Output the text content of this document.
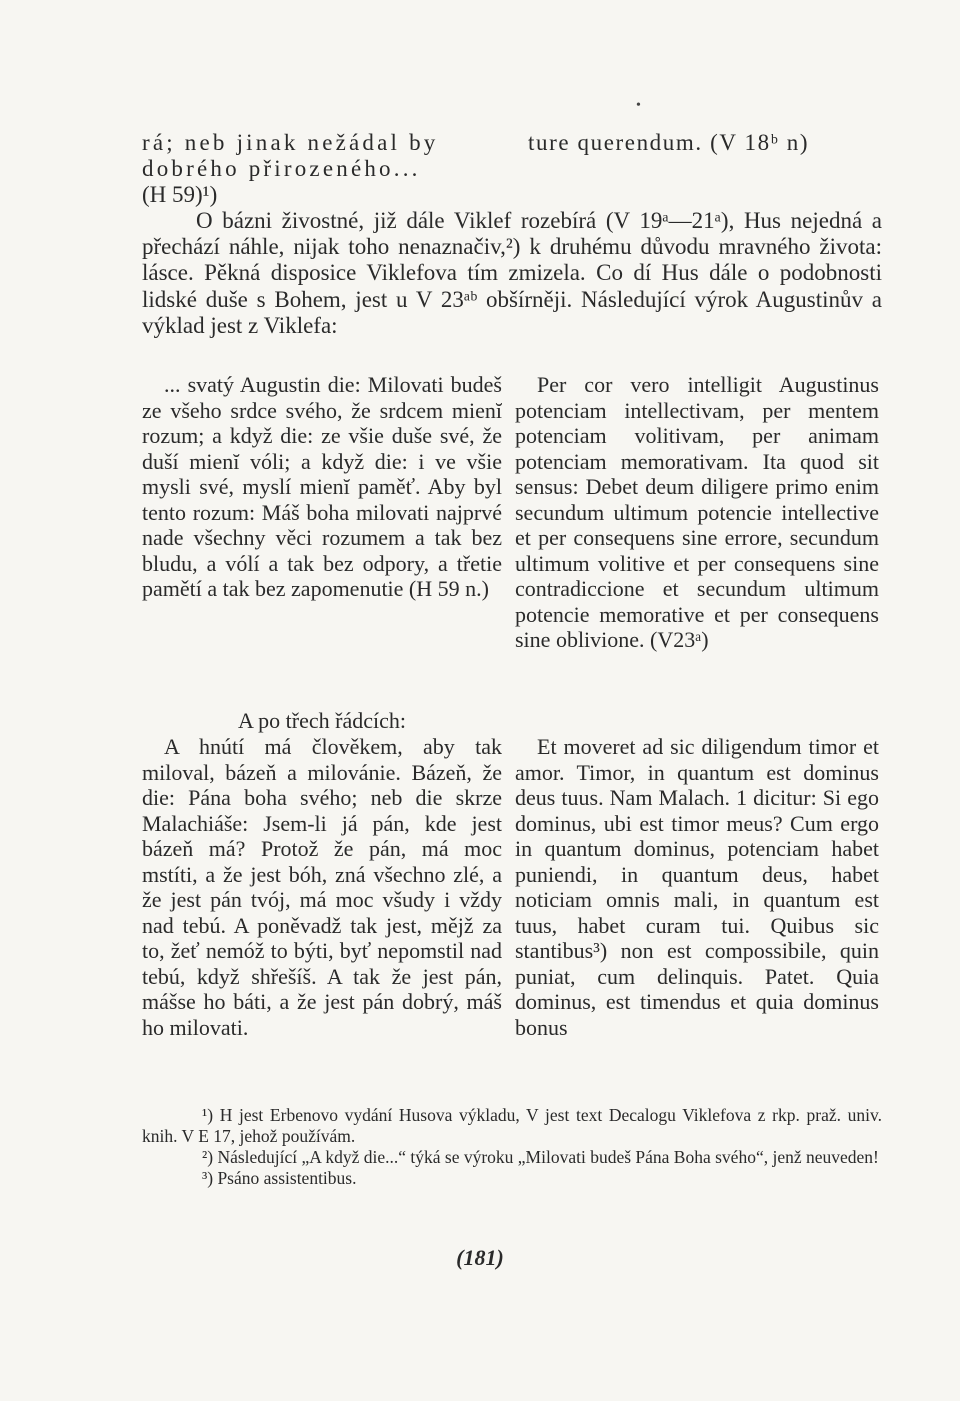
•
rá; neb jinak nežádal by	ture querendum. (V 18ᵇ n)
dobrého přirozeného...
(H 59)¹)

O bázni živostné, již dále Viklef rozebírá (V 19ᵃ—21ᵃ), Hus nejedná a přechází náhle, nijak toho nenaznačiv,²) k druhému důvodu mravného života: lásce. Pěkná disposice Viklefova tím zmizela. Co dí Hus dále o podobnosti lidské duše s Bohem, jest u V 23ᵃᵇ obšírněji. Následující výrok Augustinův a výklad jest z Viklefa:

... svatý Augustin die: Milovati budeš ze všeho srdce svého, že srdcem mienĭ rozum; a když die: ze všie duše své, že duší mienĭ vóli; a když die: i ve všie mysli své, myslí mienĭ paměť. Aby byl tento rozum: Máš boha milovati najprvé nade všechny věci rozumem a tak bez bludu, a vólí a tak bez odpory, a třetie pamětí a tak bez zapomenutie (H 59 n.)

Per cor vero intelligit Augustinus potenciam intellectivam, per mentem potenciam volitivam, per animam potenciam memorativam. Ita quod sit sensus: Debet deum diligere primo enim secundum ultimum potencie intellective et per consequens sine errore, secundum ultimum volitive et per consequens sine contradiccione et secundum ultimum potencie memorative et per consequens sine oblivione. (V23ᵃ)

A po třech řádcích:

A hnútí má člověkem, aby tak miloval, bázeň a milovánie. Bázeň, že die: Pána boha svého; neb die skrze Malachiáše: Jsem-li já pán, kde jest bázeň má? Protož že pán, má moc mstíti, a že jest bóh, zná všechno zlé, a že jest pán tvój, má moc všudy i vždy nad tebú. A poněvadž tak jest, mějž za to, žeť nemóž to býti, byť nepomstil nad tebú, když shřešíš. A tak že jest pán, mášse ho báti, a že jest pán dobrý, máš ho milovati.

Et moveret ad sic diligendum timor et amor. Timor, in quantum est dominus deus tuus. Nam Malach. 1 dicitur: Si ego dominus, ubi est timor meus? Cum ergo in quantum dominus, potenciam habet puniendi, in quantum deus, habet noticiam omnis mali, in quantum est tuus, habet curam tui. Quibus sic stantibus³) non est compossibile, quin puniat, cum delinquis. Patet. Quia dominus, est timendus et quia dominus bonus

¹) H jest Erbenovo vydání Husova výkladu, V jest text Decalogu Viklefova z rkp. praž. univ. knih. V E 17, jehož používám.

²) Následující „A když die...“ týká se výroku „Milovati budeš Pána Boha svého“, jenž neuveden!

³) Psáno assistentibus.

(181)
